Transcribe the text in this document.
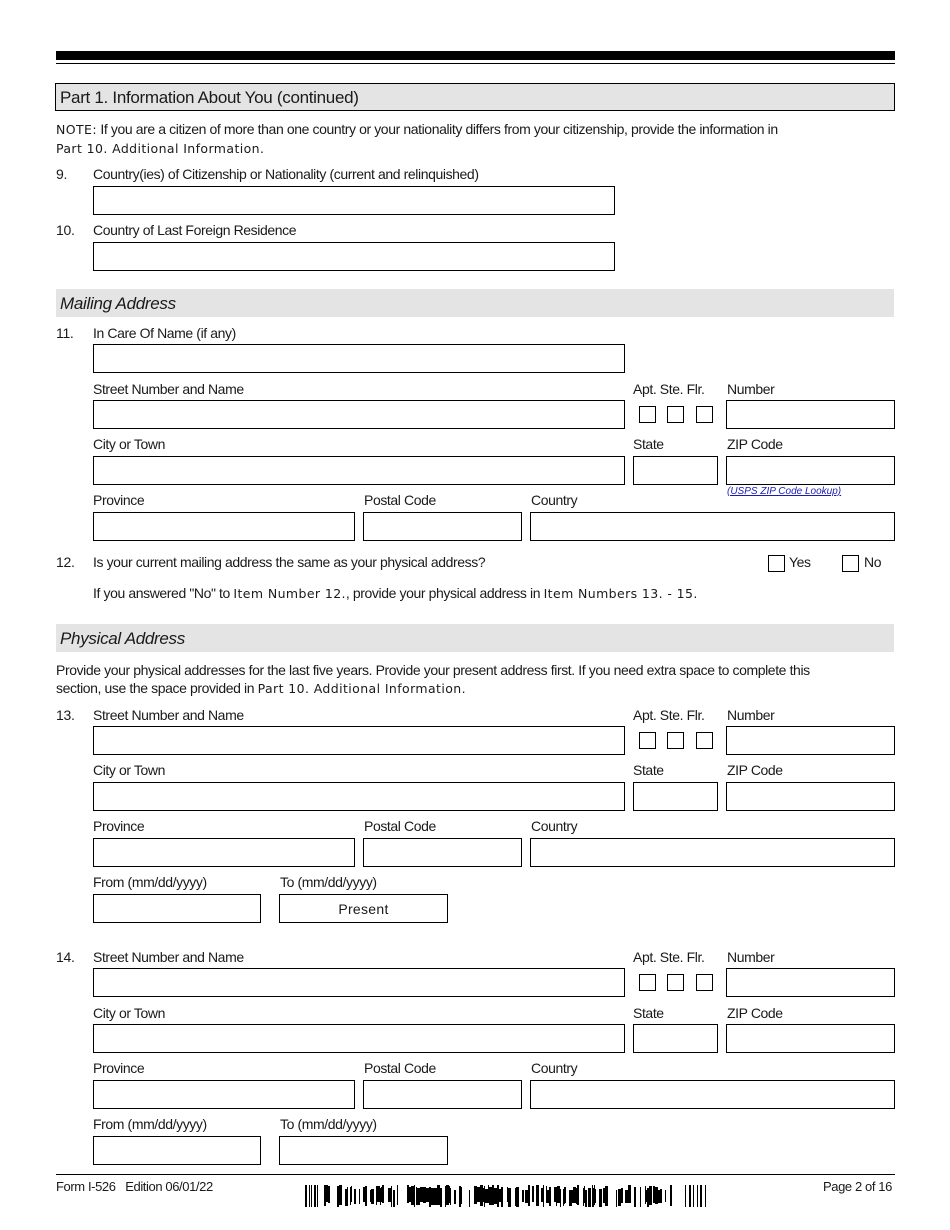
Part 1. Information About You (continued)
NOTE: If you are a citizen of more than one country or your nationality differs from your citizenship, provide the information in
Part 10. Additional Information.
9. Country(ies) of Citizenship or Nationality (current and relinquished)
10. Country of Last Foreign Residence
Mailing Address
11. In Care Of Name (if any)
Street Number and Name	Apt. Ste. Flr. Number
City or Town	State	ZIP Code
(USPS ZIP Code Lookup)
Province	Postal Code	Country
12. Is your current mailing address the same as your physical address?	Yes	No
If you answered "No" to Item Number 12., provide your physical address in Item Numbers 13. - 15.
Physical Address
Provide your physical addresses for the last five years. Provide your present address first. If you need extra space to complete this
section, use the space provided in Part 10. Additional Information.
13. Street Number and Name	Apt. Ste. Flr. Number
City or Town	State	ZIP Code
Province	Postal Code	Country
From (mm/dd/yyyy)	To (mm/dd/yyyy)
Present
14. Street Number and Name	Apt. Ste. Flr. Number
City or Town	State	ZIP Code
Province	Postal Code	Country
From (mm/dd/yyyy)	To (mm/dd/yyyy)
Form I-526 Edition 06/01/22	Page 2 of 16
